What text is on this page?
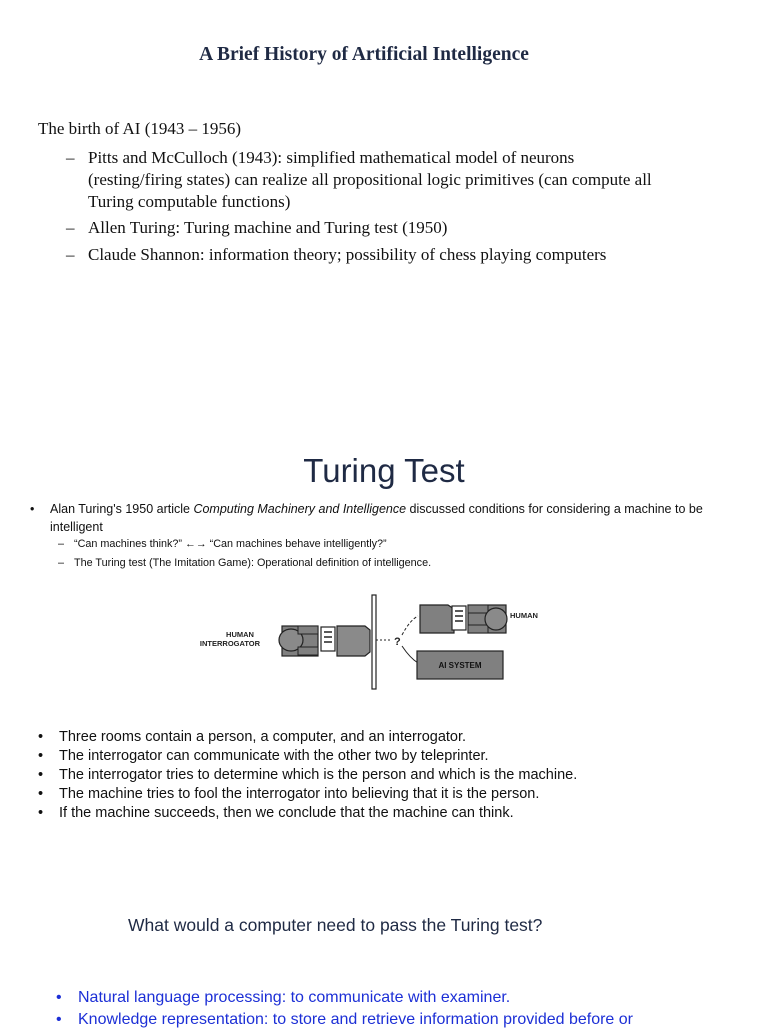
A Brief History of Artificial Intelligence
The birth of AI (1943 – 1956)
– Pitts and McCulloch (1943): simplified mathematical model of neurons
(resting/firing states) can realize all propositional logic primitives (can compute all
Turing computable functions)
– Allen Turing: Turing machine and Turing test (1950)
– Claude Shannon: information theory; possibility of chess playing computers
Turing Test
• Alan Turing's 1950 article Computing Machinery and Intelligence discussed conditions for considering a machine to be
intelligent
– “Can machines think?” ←→ “Can machines behave intelligently?”
– The Turing test (The Imitation Game): Operational definition of intelligence.
HUMAN
INTERROGATOR	?
HUMAN
AI SYSTEM
• Three rooms contain a person, a computer, and an interrogator.
• The interrogator can communicate with the other two by teleprinter.
• The interrogator tries to determine which is the person and which is the machine.
• The machine tries to fool the interrogator into believing that it is the person.
• If the machine succeeds, then we conclude that the machine can think.
What would a computer need to pass the Turing test?
• Natural language processing: to communicate with examiner.
• Knowledge representation: to store and retrieve information provided before or
